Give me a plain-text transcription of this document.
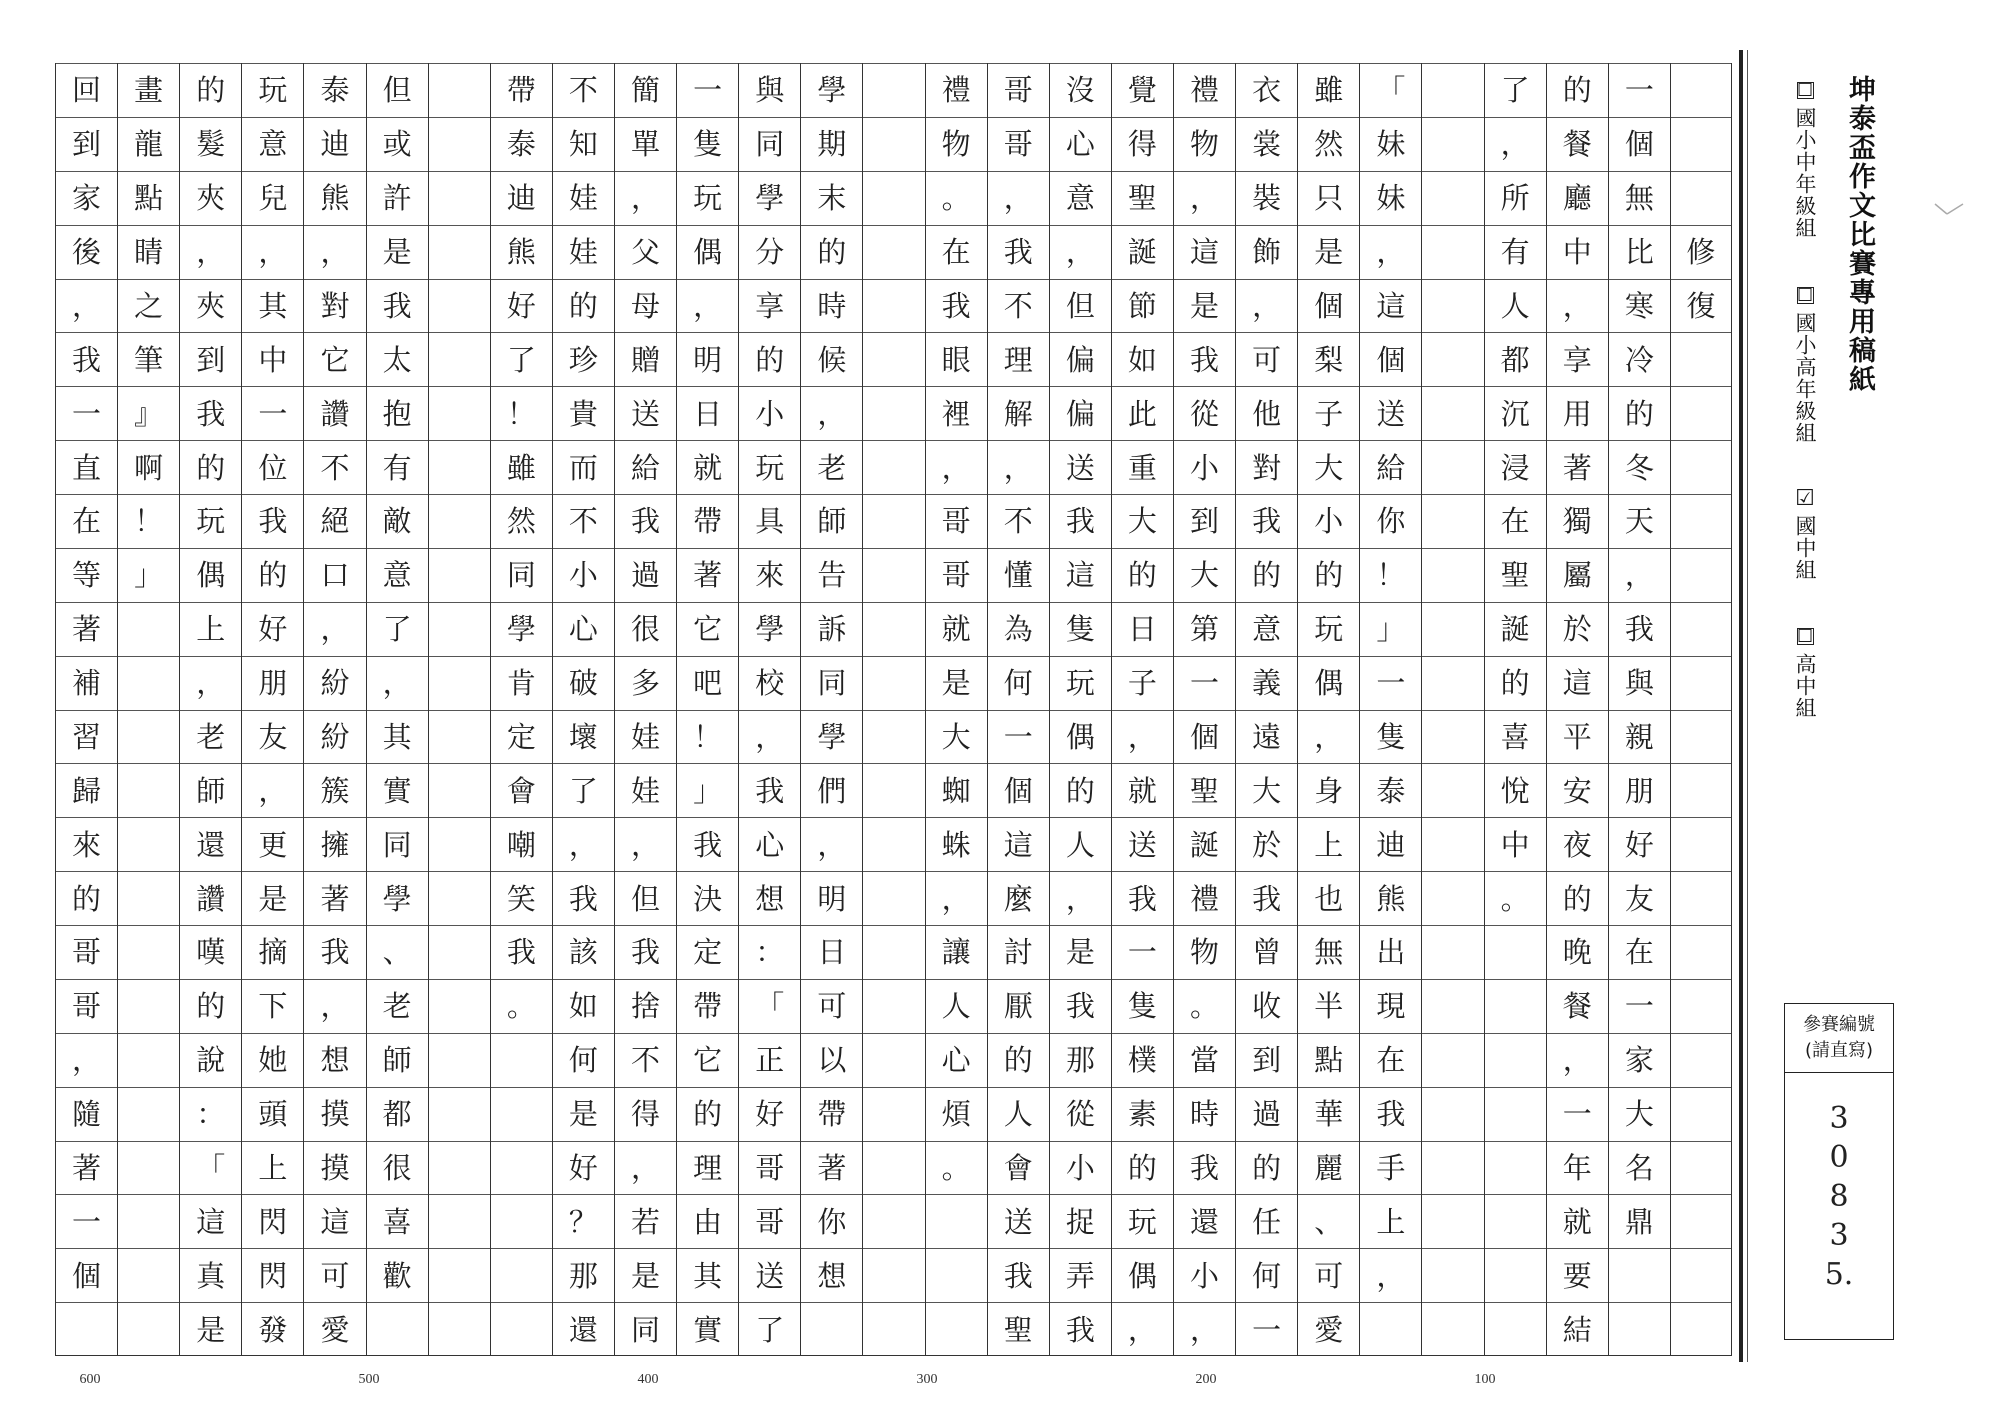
修
復
一
個
無
比
寒
冷
的
冬
天
，
我
與
親
朋
好
友
在
一
家
大
名
鼎
的
餐
廳
中
，
享
用
著
獨
屬
於
這
平
安
夜
的
晚
餐
，
一
年
就
要
結
了
，
所
有
人
都
沉
浸
在
聖
誕
的
喜
悅
中
。
「
妹
妹
，
這
個
送
給
你
！
」
一
隻
泰
迪
熊
出
現
在
我
手
上
，
雖
然
只
是
個
梨
子
大
小
的
玩
偶
，
身
上
也
無
半
點
華
麗
、
可
愛
衣
裳
裝
飾
，
可
他
對
我
的
意
義
遠
大
於
我
曾
收
到
過
的
任
何
一
禮
物
，
這
是
我
從
小
到
大
第
一
個
聖
誕
禮
物
。
當
時
我
還
小
，
覺
得
聖
誕
節
如
此
重
大
的
日
子
，
就
送
我
一
隻
樸
素
的
玩
偶
，
沒
心
意
，
但
偏
偏
送
我
這
隻
玩
偶
的
人
，
是
我
那
從
小
捉
弄
我
哥
哥
，
我
不
理
解
，
不
懂
為
何
一
個
這
麼
討
厭
的
人
會
送
我
聖
禮
物
。
在
我
眼
裡
，
哥
哥
就
是
大
蜘
蛛
，
讓
人
心
煩
。
學
期
末
的
時
候
，
老
師
告
訴
同
學
們
，
明
日
可
以
帶
著
你
想
與
同
學
分
享
的
小
玩
具
來
學
校
，
我
心
想
：
「
正
好
哥
哥
送
了
一
隻
玩
偶
，
明
日
就
帶
著
它
吧
！
」
我
決
定
帶
它
的
理
由
其
實
簡
單
，
父
母
贈
送
給
我
過
很
多
娃
娃
，
但
我
捨
不
得
，
若
是
同
不
知
娃
娃
的
珍
貴
而
不
小
心
破
壞
了
，
我
該
如
何
是
好
？
那
還
帶
泰
迪
熊
好
了
！
雖
然
同
學
肯
定
會
嘲
笑
我
。
但
或
許
是
我
太
抱
有
敵
意
了
，
其
實
同
學
、
老
師
都
很
喜
歡
泰
迪
熊
，
對
它
讚
不
絕
口
，
紛
紛
簇
擁
著
我
，
想
摸
摸
這
可
愛
玩
意
兒
，
其
中
一
位
我
的
好
朋
友
，
更
是
摘
下
她
頭
上
閃
閃
發
的
髮
夾
，
夾
到
我
的
玩
偶
上
，
老
師
還
讚
嘆
的
說
：
「
這
真
是
畫
龍
點
睛
之
筆
』
啊
！
」
回
到
家
後
，
我
一
直
在
等
著
補
習
歸
來
的
哥
哥
，
隨
著
一
個
100
200
300
400
500
600
坤泰盃作文比賽專用稿紙
☐
國小中年級組
☐
國小高年級組
☑
國中組
☐
高中組
參賽編號
(請直寫)
3
0
8
3
5.
